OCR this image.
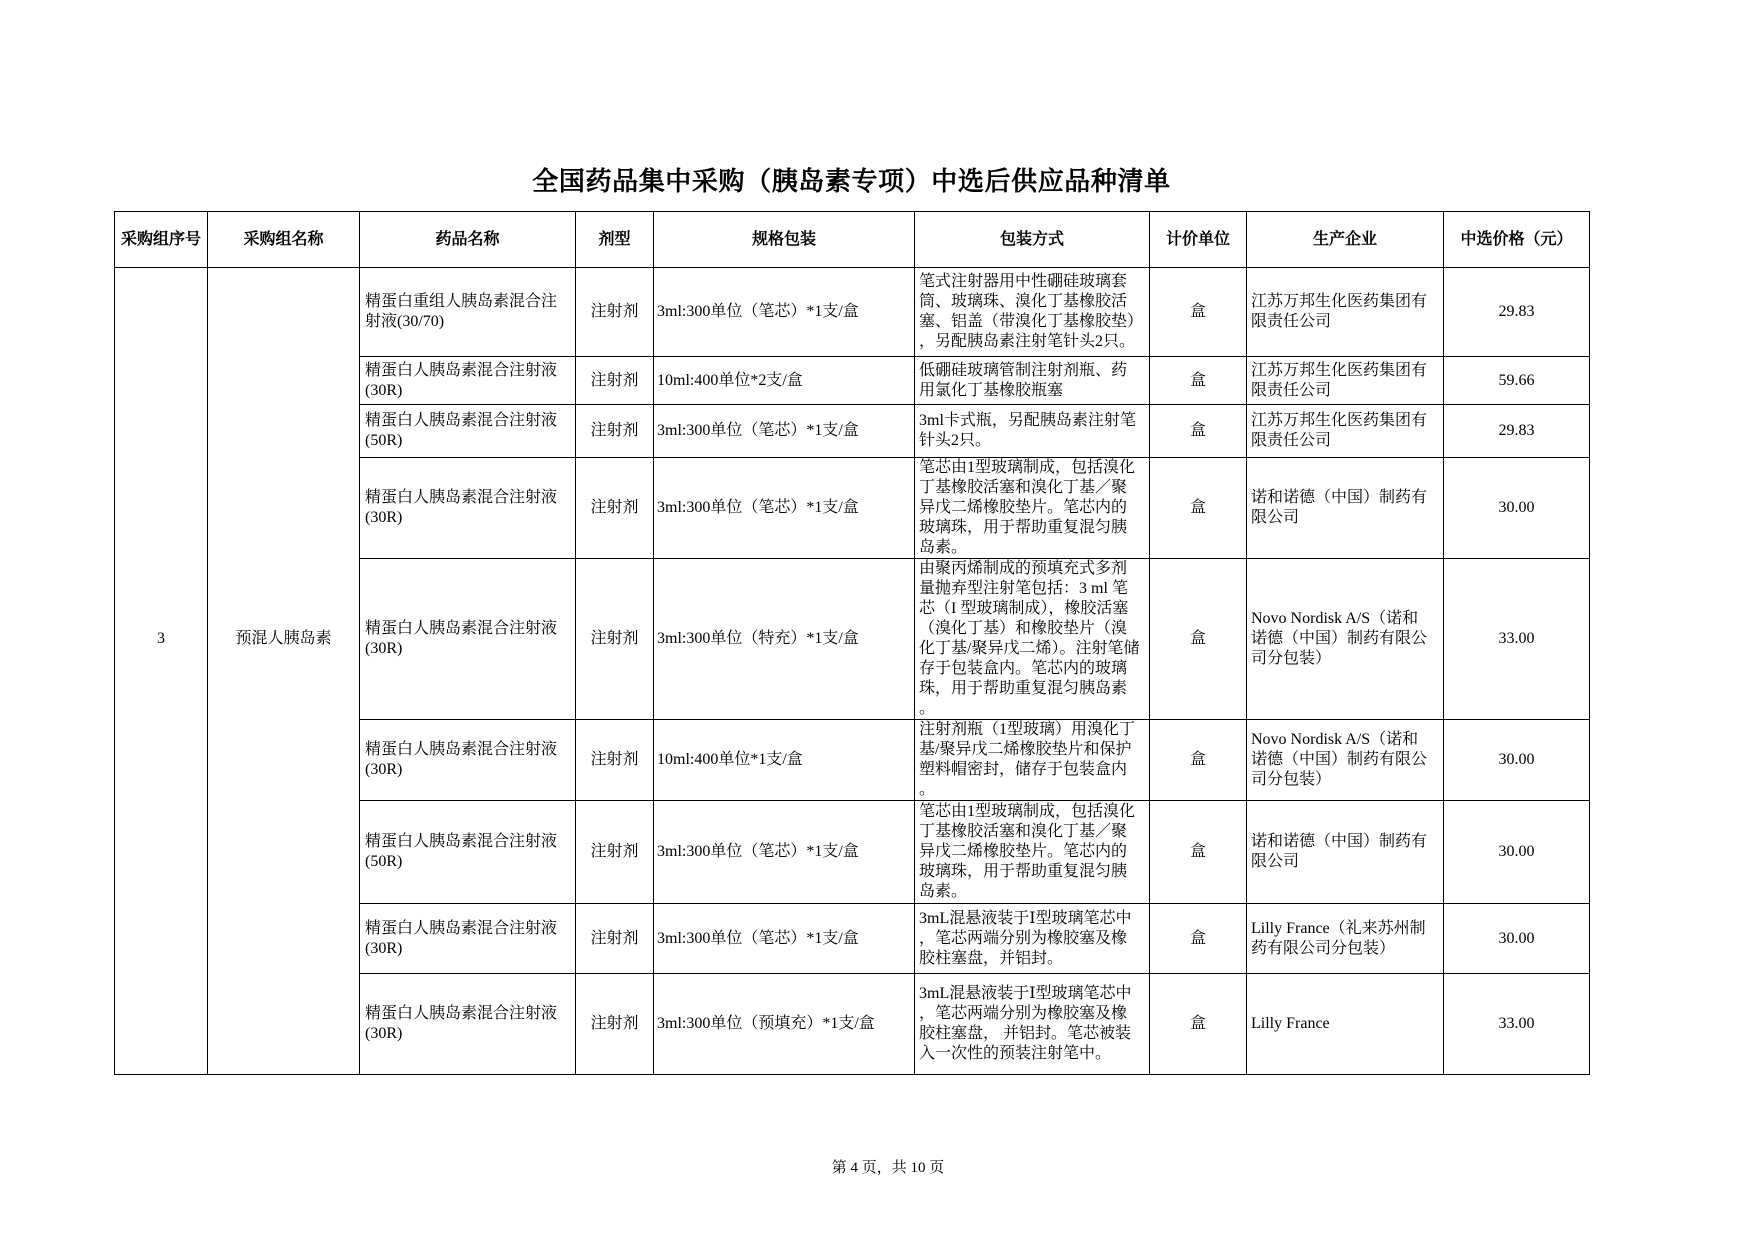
全国药品集中采购（胰岛素专项）中选后供应品种清单
采购组序号	采购组名称	药品名称	剂型	规格包装	包装方式	计价单位	生产企业	中选价格（元）
3	预混人胰岛素	精蛋白重组人胰岛素混合注射液(30/70)	注射剂	3ml:300单位（笔芯）*1支/盒	笔式注射器用中性硼硅玻璃套筒、玻璃珠、溴化丁基橡胶活塞、铝盖（带溴化丁基橡胶垫），另配胰岛素注射笔针头2只。	盒	江苏万邦生化医药集团有限责任公司	29.83
		精蛋白人胰岛素混合注射液(30R)	注射剂	10ml:400单位*2支/盒	低硼硅玻璃管制注射剂瓶、药用氯化丁基橡胶瓶塞	盒	江苏万邦生化医药集团有限责任公司	59.66
		精蛋白人胰岛素混合注射液(50R)	注射剂	3ml:300单位（笔芯）*1支/盒	3ml卡式瓶，另配胰岛素注射笔针头2只。	盒	江苏万邦生化医药集团有限责任公司	29.83
		精蛋白人胰岛素混合注射液(30R)	注射剂	3ml:300单位（笔芯）*1支/盒	笔芯由1型玻璃制成，包括溴化丁基橡胶活塞和溴化丁基／聚异戊二烯橡胶垫片。笔芯内的玻璃珠，用于帮助重复混匀胰岛素。	盒	诺和诺德（中国）制药有限公司	30.00
		精蛋白人胰岛素混合注射液(30R)	注射剂	3ml:300单位（特充）*1支/盒	由聚丙烯制成的预填充式多剂量抛弃型注射笔包括：3 ml 笔芯（I 型玻璃制成），橡胶活塞（溴化丁基）和橡胶垫片（溴化丁基/聚异戊二烯）。注射笔储存于包装盒内。笔芯内的玻璃珠，用于帮助重复混匀胰岛素。	盒	Novo Nordisk A/S（诺和诺德（中国）制药有限公司分包装）	33.00
		精蛋白人胰岛素混合注射液(30R)	注射剂	10ml:400单位*1支/盒	注射剂瓶（1型玻璃）用溴化丁基/聚异戊二烯橡胶垫片和保护塑料帽密封，储存于包装盒内。	盒	Novo Nordisk A/S（诺和诺德（中国）制药有限公司分包装）	30.00
		精蛋白人胰岛素混合注射液(50R)	注射剂	3ml:300单位（笔芯）*1支/盒	笔芯由1型玻璃制成，包括溴化丁基橡胶活塞和溴化丁基／聚异戊二烯橡胶垫片。笔芯内的玻璃珠，用于帮助重复混匀胰岛素。	盒	诺和诺德（中国）制药有限公司	30.00
		精蛋白人胰岛素混合注射液(30R)	注射剂	3ml:300单位（笔芯）*1支/盒	3mL混悬液装于Ⅰ型玻璃笔芯中，笔芯两端分别为橡胶塞及橡胶柱塞盘，并铝封。	盒	Lilly France（礼来苏州制药有限公司分包装）	30.00
		精蛋白人胰岛素混合注射液(30R)	注射剂	3ml:300单位（预填充）*1支/盒	3mL混悬液装于Ⅰ型玻璃笔芯中，笔芯两端分别为橡胶塞及橡胶柱塞盘， 并铝封。笔芯被装入一次性的预装注射笔中。	盒	Lilly France	33.00
第 4 页，共 10 页
